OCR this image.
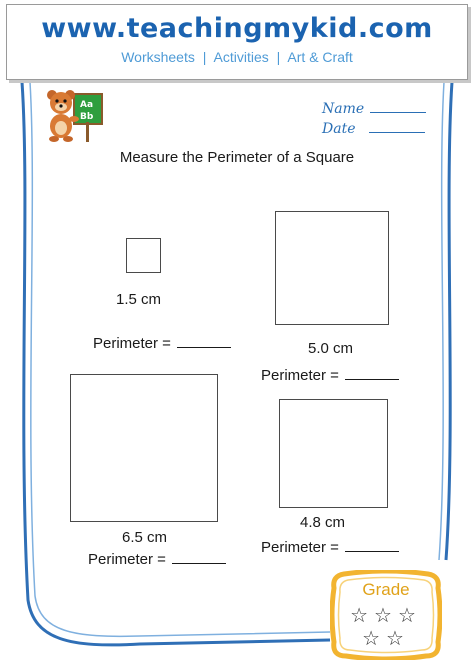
www.teachingmykid.com
Worksheets | Activities | Art & Craft
Aa
Bb	Name
Date
Measure the Perimeter of a Square
1.5 cm
Perimeter =	5.0 cm
Perimeter =
6.5 cm
Perimeter =
4.8 cm
Perimeter =
Grade
☆☆☆
☆☆
